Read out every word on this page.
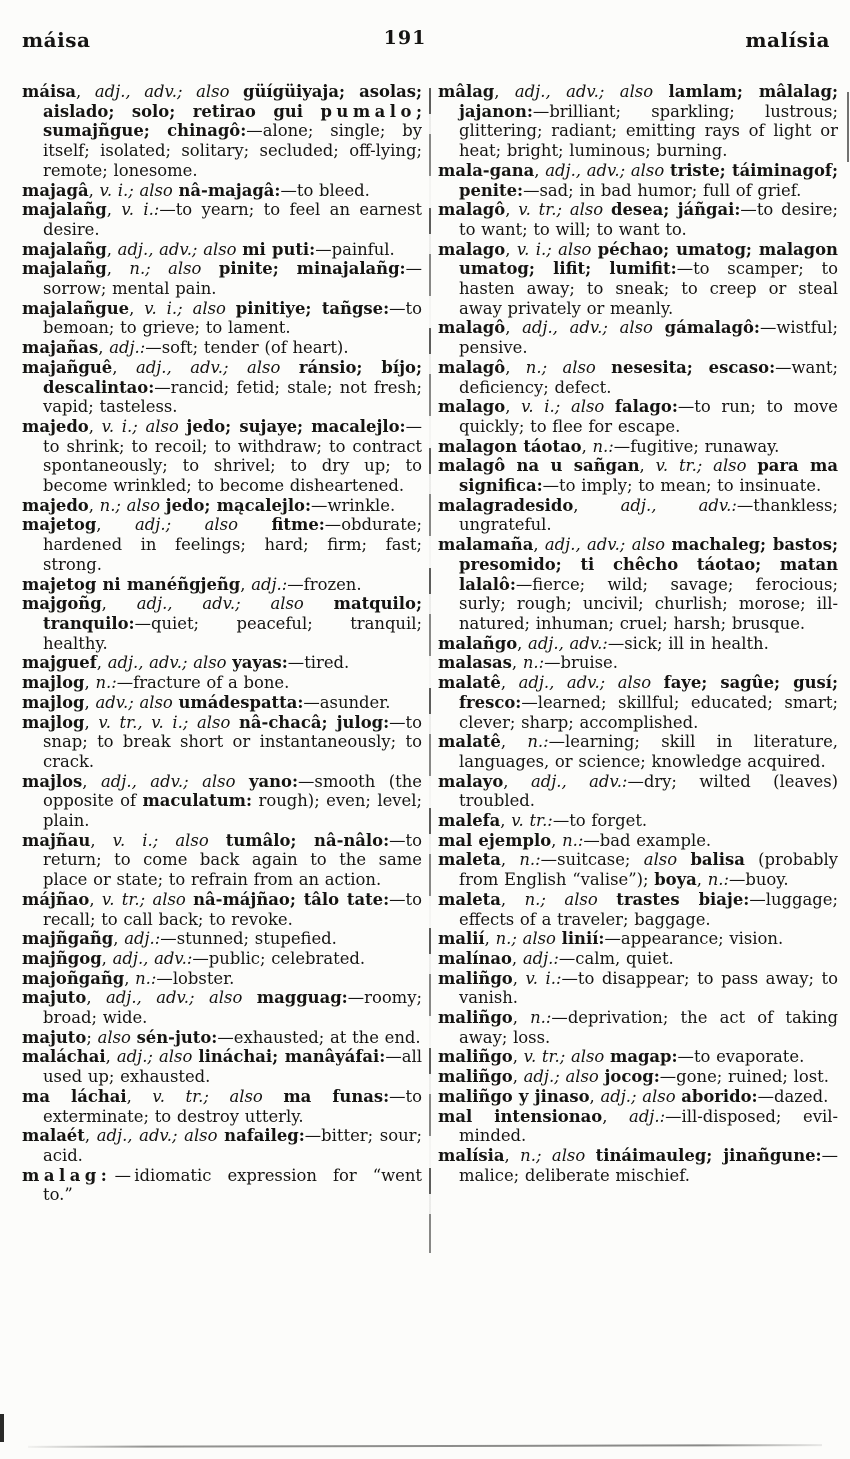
máisa	191	malísia

máisa, adj., adv.; also güígüiyaja; asolas; aislado; solo; retirao gui pumalo; sumajñgue; chinagô:—alone; single; by itself; isolated; solitary; secluded; off-lying; remote; lonesome.

majagâ, v. i.; also nâ-majagâ:—to bleed.

majalañg, v. i.:—to yearn; to feel an earnest desire.

majalañg, adj., adv.; also mi puti:—painful.

majalañg, n.; also pinite; minajalañg:—sorrow; mental pain.

majalañgue, v. i.; also pinitiye; tañgse:—to bemoan; to grieve; to lament.

majañas, adj.:—soft; tender (of heart).

majañguê, adj., adv.; also ránsio; bíjo; descalintao:—rancid; fetid; stale; not fresh; vapid; tasteless.

majedo, v. i.; also jedo; sujaye; macalejlo:—to shrink; to recoil; to withdraw; to contract spontaneously; to shrivel; to dry up; to become wrinkled; to become disheartened.

majedo, n.; also jedo; mącalejlo:—wrinkle.

majetog, adj.; also fitme:—obdurate; hardened in feelings; hard; firm; fast; strong.

majetog ni manéñgjeñg, adj.:—frozen.

majgoñg, adj., adv.; also matquilo; tranquilo:—quiet; peaceful; tranquil; healthy.

majguef, adj., adv.; also yayas:—tired.

majlog, n.:—fracture of a bone.

majlog, adv.; also umádespatta:—asunder.

majlog, v. tr., v. i.; also nâ-chacâ; julog:—to snap; to break short or instantaneously; to crack.

majlos, adj., adv.; also yano:—smooth (the opposite of maculatum: rough); even; level; plain.

majñau, v. i.; also tumâlo; nâ-nâlo:—to return; to come back again to the same place or state; to refrain from an action.

májñao, v. tr.; also nâ-májñao; tâlo tate:—to recall; to call back; to revoke.

majñgañg, adj.:—stunned; stupefied.

majñgog, adj., adv.:—public; celebrated.

majoñgañg, n.:—lobster.

majuto, adj., adv.; also magguag:—roomy; broad; wide.

majuto; also sén-juto:—exhausted; at the end.

maláchai, adj.; also lináchai; manâyáfai:—all used up; exhausted.

ma láchai, v. tr.; also ma funas:—to exterminate; to destroy utterly.

malaét, adj., adv.; also nafaileg:—bitter; sour; acid.

malag: — idiomatic expression for “went to.”

mâlag, adj., adv.; also lamlam; mâlalag; jajanon:—brilliant; sparkling; lustrous; glittering; radiant; emitting rays of light or heat; bright; luminous; burning.

mala-gana, adj., adv.; also triste; táiminagof; penite:—sad; in bad humor; full of grief.

malagô, v. tr.; also desea; jáñgai:—to desire; to want; to will; to want to.

malago, v. i.; also péchao; umatog; malagon umatog; lifit; lumifit:—to scamper; to hasten away; to sneak; to creep or steal away privately or meanly.

malagô, adj., adv.; also gámalagô:—wistful; pensive.

malagô, n.; also nesesita; escaso:—want; deficiency; defect.

malago, v. i.; also falago:—to run; to move quickly; to flee for escape.

malagon táotao, n.:—fugitive; runaway.

malagô na u sañgan, v. tr.; also para ma significa:—to imply; to mean; to insinuate.

malagradesido, adj., adv.:—thankless; ungrateful.

malamaña, adj., adv.; also machaleg; bastos; presomido; ti chêcho táotao; matan lalalô:—fierce; wild; savage; ferocious; surly; rough; uncivil; churlish; morose; ill-natured; inhuman; cruel; harsh; brusque.

malañgo, adj., adv.:—sick; ill in health.

malasas, n.:—bruise.

malatê, adj., adv.; also faye; sagûe; gusí; fresco:—learned; skillful; educated; smart; clever; sharp; accomplished.

malatê, n.:—learning; skill in literature, languages, or science; knowledge acquired.

malayo, adj., adv.:—dry; wilted (leaves) troubled.

malefa, v. tr.:—to forget.

mal ejemplo, n.:—bad example.

maleta, n.:—suitcase; also balisa (probably from English “valise”); boya, n.:—buoy.

maleta, n.; also trastes biaje:—luggage; effects of a traveler; baggage.

malií, n.; also linií:—appearance; vision.

malínao, adj.:—calm, quiet.

maliñgo, v. i.:—to disappear; to pass away; to vanish.

maliñgo, n.:—deprivation; the act of taking away; loss.

maliñgo, v. tr.; also magap:—to evaporate.

maliñgo, adj.; also jocog:—gone; ruined; lost.

maliñgo y jinaso, adj.; also aborido:—dazed.

mal intensionao, adj.:—ill-disposed; evil-minded.

malísia, n.; also tináimauleg; jinañgune:—malice; deliberate mischief.
